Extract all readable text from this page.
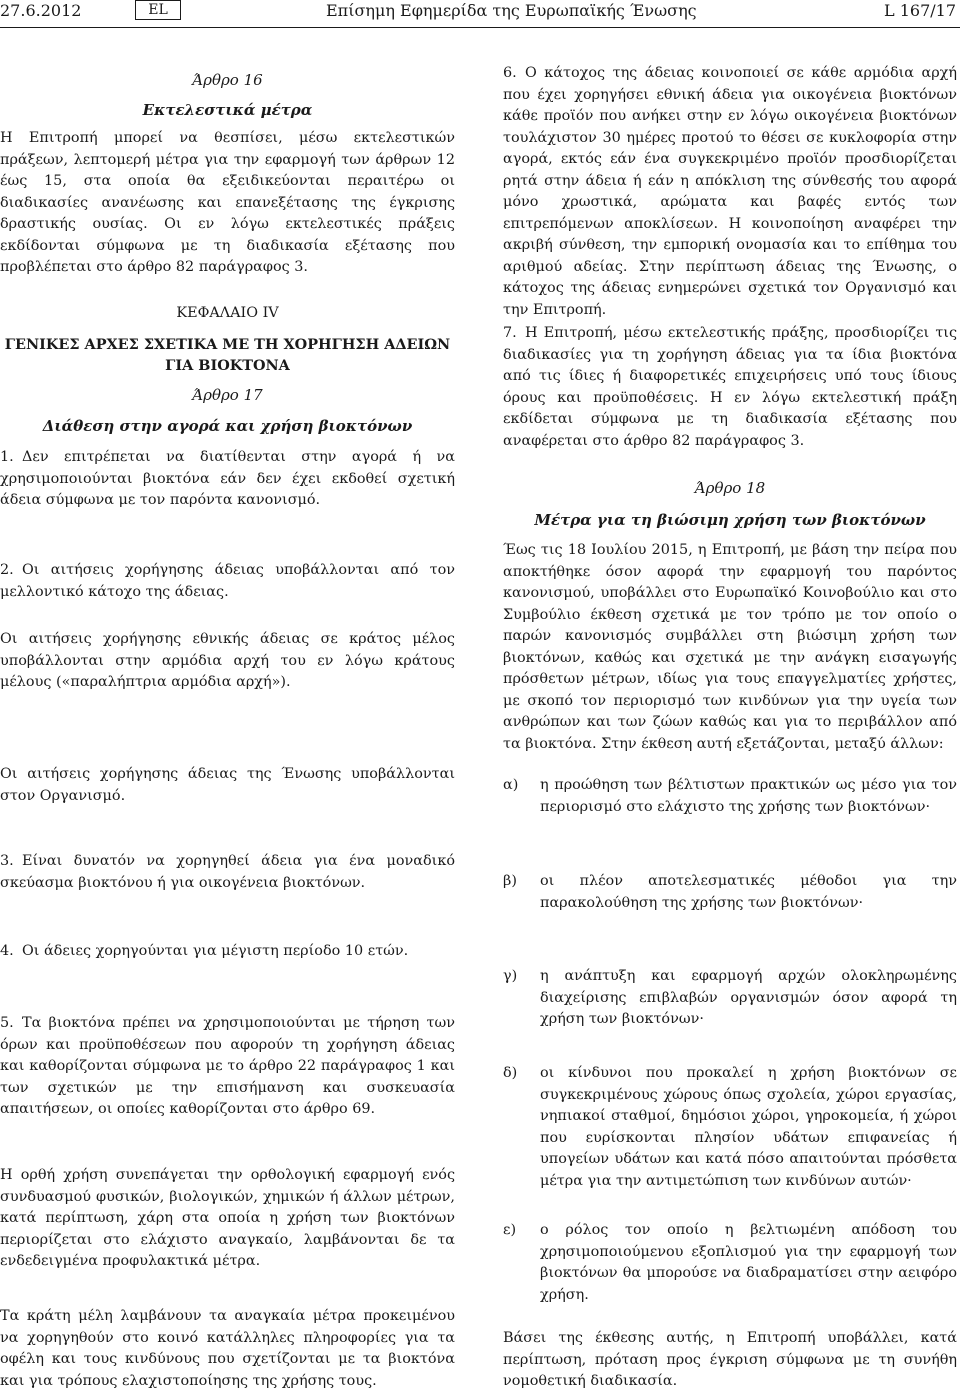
27.6.2012	EL	Επίσημη Εφημερίδα της Ευρωπαϊκής Ένωσης	L 167/17
Άρθρο 16
Εκτελεστικά μέτρα

Η Επιτροπή μπορεί να θεσπίσει, μέσω εκτελεστικών πράξεων, λεπτομερή μέτρα για την εφαρμογή των άρθρων 12 έως 15, στα οποία θα εξειδικεύονται περαιτέρω οι διαδικασίες ανανέωσης και επανεξέτασης της έγκρισης δραστικής ουσίας. Οι εν λόγω εκτελεστικές πράξεις εκδίδονται σύμφωνα με τη διαδικασία εξέτασης που προβλέπεται στο άρθρο 82 παράγραφος 3.

ΚΕΦΑΛΑΙΟ IV
ΓΕΝΙΚΕΣ ΑΡΧΕΣ ΣΧΕΤΙΚΑ ΜΕ ΤΗ ΧΟΡΗΓΗΣΗ ΑΔΕΙΩΝ ΓΙΑ ΒΙΟΚΤΟΝΑ
Άρθρο 17
Διάθεση στην αγορά και χρήση βιοκτόνων

1. Δεν επιτρέπεται να διατίθενται στην αγορά ή να χρησιμοποιούνται βιοκτόνα εάν δεν έχει εκδοθεί σχετική άδεια σύμφωνα με τον παρόντα κανονισμό.

2. Οι αιτήσεις χορήγησης άδειας υποβάλλονται από τον μελλοντικό κάτοχο της άδειας.

Οι αιτήσεις χορήγησης εθνικής άδειας σε κράτος μέλος υποβάλλονται στην αρμόδια αρχή του εν λόγω κράτους μέλους («παραλήπτρια αρμόδια αρχή»).

Οι αιτήσεις χορήγησης άδειας της Ένωσης υποβάλλονται στον Οργανισμό.

3. Είναι δυνατόν να χορηγηθεί άδεια για ένα μοναδικό σκεύασμα βιοκτόνου ή για οικογένεια βιοκτόνων.

4. Οι άδειες χορηγούνται για μέγιστη περίοδο 10 ετών.

5. Τα βιοκτόνα πρέπει να χρησιμοποιούνται με τήρηση των όρων και προϋποθέσεων που αφορούν τη χορήγηση άδειας και καθορίζονται σύμφωνα με το άρθρο 22 παράγραφος 1 και των σχετικών με την επισήμανση και συσκευασία απαιτήσεων, οι οποίες καθορίζονται στο άρθρο 69.

Η ορθή χρήση συνεπάγεται την ορθολογική εφαρμογή ενός συνδυασμού φυσικών, βιολογικών, χημικών ή άλλων μέτρων, κατά περίπτωση, χάρη στα οποία η χρήση των βιοκτόνων περιορίζεται στο ελάχιστο αναγκαίο, λαμβάνονται δε τα ενδεδειγμένα προφυλακτικά μέτρα.

Τα κράτη μέλη λαμβάνουν τα αναγκαία μέτρα προκειμένου να χορηγηθούν στο κοινό κατάλληλες πληροφορίες για τα οφέλη και τους κινδύνους που σχετίζονται με τα βιοκτόνα και για τρόπους ελαχιστοποίησης της χρήσης τους.

6. Ο κάτοχος της άδειας κοινοποιεί σε κάθε αρμόδια αρχή που έχει χορηγήσει εθνική άδεια για οικογένεια βιοκτόνων κάθε προϊόν που ανήκει στην εν λόγω οικογένεια βιοκτόνων τουλάχιστον 30 ημέρες προτού το θέσει σε κυκλοφορία στην αγορά, εκτός εάν ένα συγκεκριμένο προϊόν προσδιορίζεται ρητά στην άδεια ή εάν η απόκλιση της σύνθεσής του αφορά μόνο χρωστικά, αρώματα και βαφές εντός των επιτρεπόμενων αποκλίσεων. Η κοινοποίηση αναφέρει την ακριβή σύνθεση, την εμπορική ονομασία και το επίθημα του αριθμού αδείας. Στην περίπτωση άδειας της Ένωσης, ο κάτοχος της άδειας ενημερώνει σχετικά τον Οργανισμό και την Επιτροπή.

7. Η Επιτροπή, μέσω εκτελεστικής πράξης, προσδιορίζει τις διαδικασίες για τη χορήγηση άδειας για τα ίδια βιοκτόνα από τις ίδιες ή διαφορετικές επιχειρήσεις υπό τους ίδιους όρους και προϋποθέσεις. Η εν λόγω εκτελεστική πράξη εκδίδεται σύμφωνα με τη διαδικασία εξέτασης που αναφέρεται στο άρθρο 82 παράγραφος 3.

Άρθρο 18
Μέτρα για τη βιώσιμη χρήση των βιοκτόνων

Έως τις 18 Ιουλίου 2015, η Επιτροπή, με βάση την πείρα που αποκτήθηκε όσον αφορά την εφαρμογή του παρόντος κανονισμού, υποβάλλει στο Ευρωπαϊκό Κοινοβούλιο και στο Συμβούλιο έκθεση σχετικά με τον τρόπο με τον οποίο ο παρών κανονισμός συμβάλλει στη βιώσιμη χρήση των βιοκτόνων, καθώς και σχετικά με την ανάγκη εισαγωγής πρόσθετων μέτρων, ιδίως για τους επαγγελματίες χρήστες, με σκοπό τον περιορισμό των κινδύνων για την υγεία των ανθρώπων και των ζώων καθώς και για το περιβάλλον από τα βιοκτόνα. Στην έκθεση αυτή εξετάζονται, μεταξύ άλλων:

α) η προώθηση των βέλτιστων πρακτικών ως μέσο για τον περιορισμό στο ελάχιστο της χρήσης των βιοκτόνων·

β) οι πλέον αποτελεσματικές μέθοδοι για την παρακολούθηση της χρήσης των βιοκτόνων·

γ) η ανάπτυξη και εφαρμογή αρχών ολοκληρωμένης διαχείρισης επιβλαβών οργανισμών όσον αφορά τη χρήση των βιοκτόνων·

δ) οι κίνδυνοι που προκαλεί η χρήση βιοκτόνων σε συγκεκριμένους χώρους όπως σχολεία, χώροι εργασίας, νηπιακοί σταθμοί, δημόσιοι χώροι, γηροκομεία, ή χώροι που ευρίσκονται πλησίον υδάτων επιφανείας ή υπογείων υδάτων και κατά πόσο απαιτούνται πρόσθετα μέτρα για την αντιμετώπιση των κινδύνων αυτών·

ε) ο ρόλος τον οποίο η βελτιωμένη απόδοση του χρησιμοποιούμενου εξοπλισμού για την εφαρμογή των βιοκτόνων θα μπορούσε να διαδραματίσει στην αειφόρο χρήση.

Βάσει της έκθεσης αυτής, η Επιτροπή υποβάλλει, κατά περίπτωση, πρόταση προς έγκριση σύμφωνα με τη συνήθη νομοθετική διαδικασία.
